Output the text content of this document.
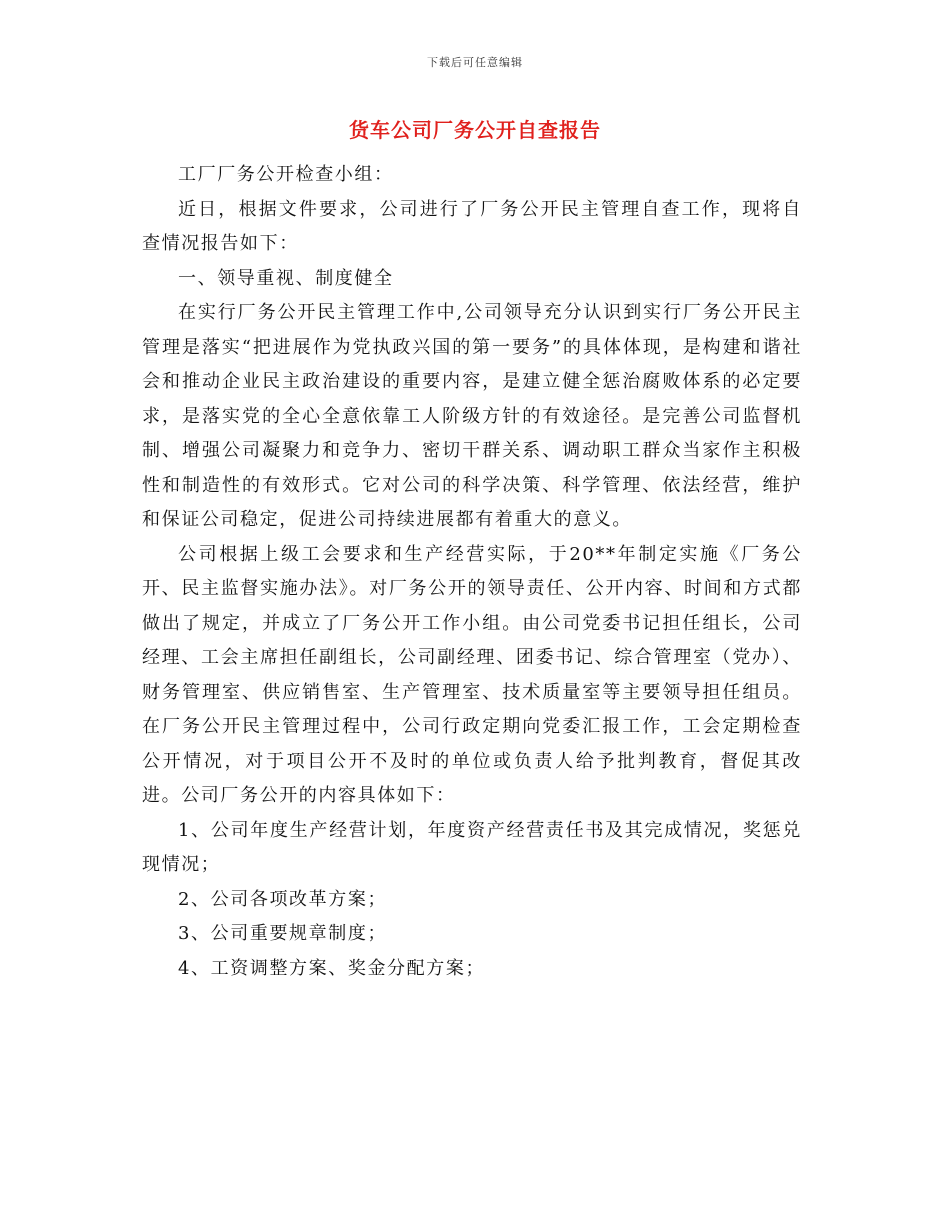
下载后可任意编辑
货车公司厂务公开自查报告

工厂厂务公开检查小组：

近日，根据文件要求，公司进行了厂务公开民主管理自查工作，现将自查情况报告如下：

一、领导重视、制度健全

在实行厂务公开民主管理工作中,公司领导充分认识到实行厂务公开民主管理是落实“把进展作为党执政兴国的第一要务”的具体体现，是构建和谐社会和推动企业民主政治建设的重要内容，是建立健全惩治腐败体系的必定要求，是落实党的全心全意依靠工人阶级方针的有效途径。是完善公司监督机制、增强公司凝聚力和竞争力、密切干群关系、调动职工群众当家作主积极性和制造性的有效形式。它对公司的科学决策、科学管理、依法经营，维护和保证公司稳定，促进公司持续进展都有着重大的意义。

公司根据上级工会要求和生产经营实际，于20**年制定实施《厂务公开、民主监督实施办法》。对厂务公开的领导责任、公开内容、时间和方式都做出了规定，并成立了厂务公开工作小组。由公司党委书记担任组长，公司经理、工会主席担任副组长，公司副经理、团委书记、综合管理室（党办）、财务管理室、供应销售室、生产管理室、技术质量室等主要领导担任组员。在厂务公开民主管理过程中，公司行政定期向党委汇报工作，工会定期检查公开情况，对于项目公开不及时的单位或负责人给予批判教育，督促其改进。公司厂务公开的内容具体如下：

1、公司年度生产经营计划，年度资产经营责任书及其完成情况，奖惩兑现情况；

2、公司各项改革方案；

3、公司重要规章制度；

4、工资调整方案、奖金分配方案；
